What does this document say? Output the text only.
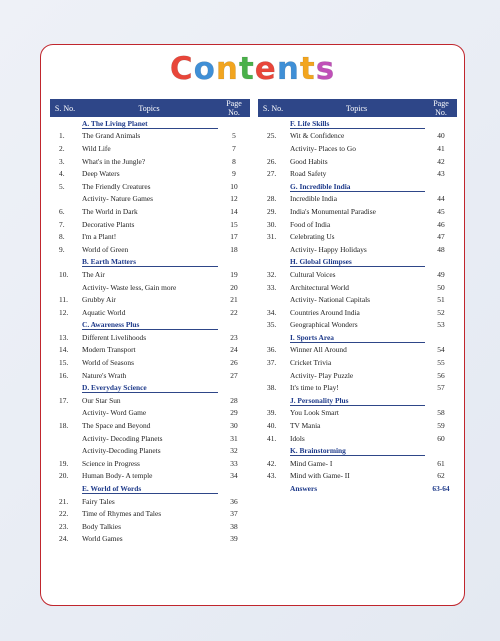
Contents
S. No.	Topics	Page No.
	A. The Living Planet	
1.	The Grand Animals	5
2.	Wild Life	7
3.	What's in the Jungle?	8
4.	Deep Waters	9
5.	The Friendly Creatures	10
	Activity- Nature Games	12
6.	The World in Dark	14
7.	Decorative Plants	15
8.	I'm a Plant!	17
9.	World of Green	18
	B. Earth Matters	
10.	The Air	19
	Activity- Waste less, Gain more	20
11.	Grubby Air	21
12.	Aquatic World	22
	C. Awareness Plus	
13.	Different Livelihoods	23
14.	Modern Transport	24
15.	World of Seasons	26
16.	Nature's Wrath	27
	D. Everyday Science	
17.	Our Star Sun	28
	Activity- Word Game	29
18.	The Space and Beyond	30
	Activity- Decoding Planets	31
	Activity-Decoding Planets	32
19.	Science in Progress	33
20.	Human Body- A temple	34
	E. World of Words	
21.	Fairy Tales	36
22.	Time of Rhymes and Tales	37
23.	Body Talkies	38
24.	World Games	39
S. No.	Topics	Page No.
	F. Life Skills	
25.	Wit & Confidence	40
	Activity- Places to Go	41
26.	Good Habits	42
27.	Road Safety	43
	G. Incredible India	
28.	Incredible India	44
29.	India's Monumental Paradise	45
30.	Food of India	46
31.	Celebrating Us	47
	Activity- Happy Holidays	48
	H. Global Glimpses	
32.	Cultural Voices	49
33.	Architectural World	50
	Activity- National Capitals	51
34.	Countries Around India	52
35.	Geographical Wonders	53
	I. Sports Area	
36.	Winner All Around	54
37.	Cricket Trivia	55
	Activity- Play Puzzle	56
38.	It's time to Play!	57
	J. Personality Plus	
39.	You Look Smart	58
40.	TV Mania	59
41.	Idols	60
	K. Brainstorming	
42.	Mind Game- I	61
43.	Mind with Game- II	62
	Answers	63-64
